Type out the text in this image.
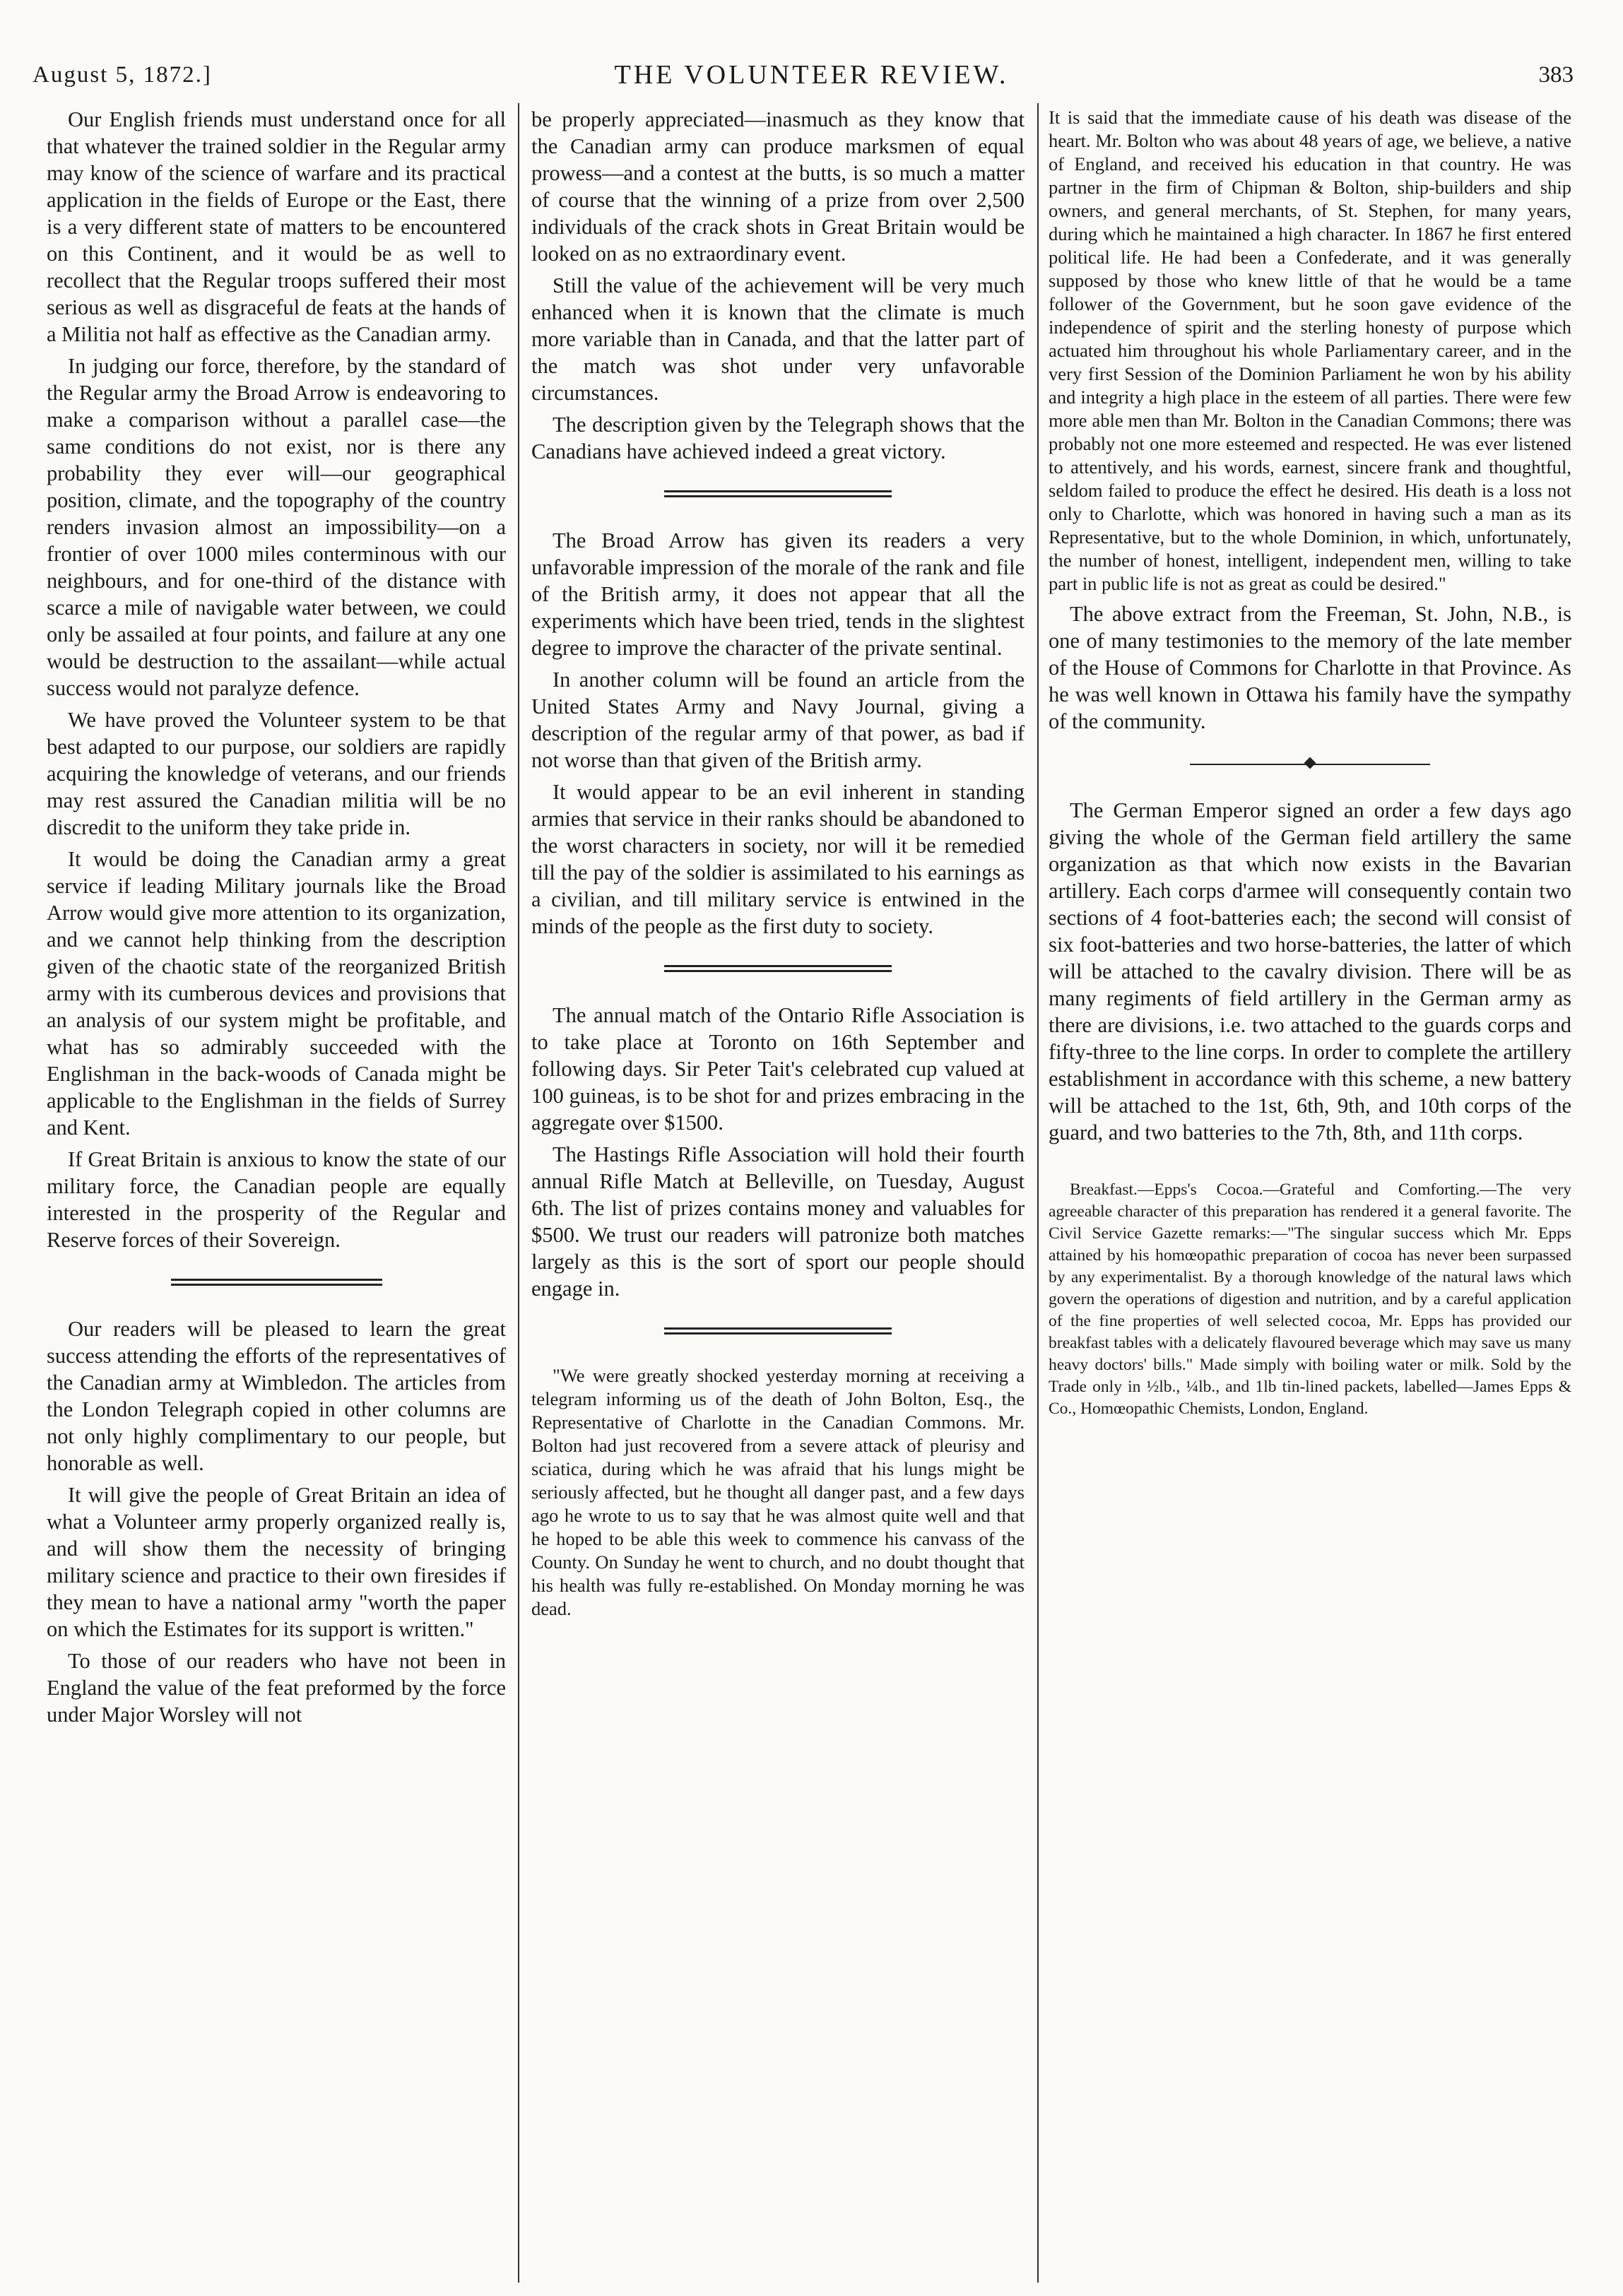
August 5, 1872.]	THE VOLUNTEER REVIEW.	383

Our English friends must understand once for all that whatever the trained soldier in the Regular army may know of the science of warfare and its practical application in the fields of Europe or the East, there is a very different state of matters to be encountered on this Continent, and it would be as well to recollect that the Regular troops suffered their most serious as well as disgraceful de feats at the hands of a Militia not half as effective as the Canadian army.

In judging our force, therefore, by the standard of the Regular army the Broad Arrow is endeavoring to make a comparison without a parallel case—the same conditions do not exist, nor is there any probability they ever will—our geographical position, climate, and the topography of the country renders invasion almost an impossibility—on a frontier of over 1000 miles conterminous with our neighbours, and for one-third of the distance with scarce a mile of navigable water between, we could only be assailed at four points, and failure at any one would be destruction to the assailant—while actual success would not paralyze defence.

We have proved the Volunteer system to be that best adapted to our purpose, our soldiers are rapidly acquiring the knowledge of veterans, and our friends may rest assured the Canadian militia will be no discredit to the uniform they take pride in.

It would be doing the Canadian army a great service if leading Military journals like the Broad Arrow would give more attention to its organization, and we cannot help thinking from the description given of the chaotic state of the reorganized British army with its cumberous devices and provisions that an analysis of our system might be profitable, and what has so admirably succeeded with the Englishman in the back-woods of Canada might be applicable to the Englishman in the fields of Surrey and Kent.

If Great Britain is anxious to know the state of our military force, the Canadian people are equally interested in the prosperity of the Regular and Reserve forces of their Sovereign.

Our readers will be pleased to learn the great success attending the efforts of the representatives of the Canadian army at Wimbledon. The articles from the London Telegraph copied in other columns are not only highly complimentary to our people, but honorable as well.

It will give the people of Great Britain an idea of what a Volunteer army properly organized really is, and will show them the necessity of bringing military science and practice to their own firesides if they mean to have a national army "worth the paper on which the Estimates for its support is written."

To those of our readers who have not been in England the value of the feat preformed by the force under Major Worsley will not

be properly appreciated—inasmuch as they know that the Canadian army can produce marksmen of equal prowess—and a contest at the butts, is so much a matter of course that the winning of a prize from over 2,500 individuals of the crack shots in Great Britain would be looked on as no extraordinary event.

Still the value of the achievement will be very much enhanced when it is known that the climate is much more variable than in Canada, and that the latter part of the match was shot under very unfavorable circumstances.

The description given by the Telegraph shows that the Canadians have achieved indeed a great victory.

The Broad Arrow has given its readers a very unfavorable impression of the morale of the rank and file of the British army, it does not appear that all the experiments which have been tried, tends in the slightest degree to improve the character of the private sentinal.

In another column will be found an article from the United States Army and Navy Journal, giving a description of the regular army of that power, as bad if not worse than that given of the British army.

It would appear to be an evil inherent in standing armies that service in their ranks should be abandoned to the worst characters in society, nor will it be remedied till the pay of the soldier is assimilated to his earnings as a civilian, and till military service is entwined in the minds of the people as the first duty to society.

The annual match of the Ontario Rifle Association is to take place at Toronto on 16th September and following days. Sir Peter Tait's celebrated cup valued at 100 guineas, is to be shot for and prizes embracing in the aggregate over $1500.

The Hastings Rifle Association will hold their fourth annual Rifle Match at Belleville, on Tuesday, August 6th. The list of prizes contains money and valuables for $500. We trust our readers will patronize both matches largely as this is the sort of sport our people should engage in.

"We were greatly shocked yesterday morning at receiving a telegram informing us of the death of John Bolton, Esq., the Representative of Charlotte in the Canadian Commons. Mr. Bolton had just recovered from a severe attack of pleurisy and sciatica, during which he was afraid that his lungs might be seriously affected, but he thought all danger past, and a few days ago he wrote to us to say that he was almost quite well and that he hoped to be able this week to commence his canvass of the County. On Sunday he went to church, and no doubt thought that his health was fully re-established. On Monday morning he was dead.

It is said that the immediate cause of his death was disease of the heart. Mr. Bolton who was about 48 years of age, we believe, a native of England, and received his education in that country. He was partner in the firm of Chipman & Bolton, ship-builders and ship owners, and general merchants, of St. Stephen, for many years, during which he maintained a high character. In 1867 he first entered political life. He had been a Confederate, and it was generally supposed by those who knew little of that he would be a tame follower of the Government, but he soon gave evidence of the independence of spirit and the sterling honesty of purpose which actuated him throughout his whole Parliamentary career, and in the very first Session of the Dominion Parliament he won by his ability and integrity a high place in the esteem of all parties. There were few more able men than Mr. Bolton in the Canadian Commons; there was probably not one more esteemed and respected. He was ever listened to attentively, and his words, earnest, sincere frank and thoughtful, seldom failed to produce the effect he desired. His death is a loss not only to Charlotte, which was honored in having such a man as its Representative, but to the whole Dominion, in which, unfortunately, the number of honest, intelligent, independent men, willing to take part in public life is not as great as could be desired."

The above extract from the Freeman, St. John, N.B., is one of many testimonies to the memory of the late member of the House of Commons for Charlotte in that Province. As he was well known in Ottawa his family have the sympathy of the community.

The German Emperor signed an order a few days ago giving the whole of the German field artillery the same organization as that which now exists in the Bavarian artillery. Each corps d'armee will consequently contain two sections of 4 foot-batteries each; the second will consist of six foot-batteries and two horse-batteries, the latter of which will be attached to the cavalry division. There will be as many regiments of field artillery in the German army as there are divisions, i.e. two attached to the guards corps and fifty-three to the line corps. In order to complete the artillery establishment in accordance with this scheme, a new battery will be attached to the 1st, 6th, 9th, and 10th corps of the guard, and two batteries to the 7th, 8th, and 11th corps.

Breakfast.—Epps's Cocoa.—Grateful and Comforting.—The very agreeable character of this preparation has rendered it a general favorite. The Civil Service Gazette remarks:—"The singular success which Mr. Epps attained by his homœopathic preparation of cocoa has never been surpassed by any experimentalist. By a thorough knowledge of the natural laws which govern the operations of digestion and nutrition, and by a careful application of the fine properties of well selected cocoa, Mr. Epps has provided our breakfast tables with a delicately flavoured beverage which may save us many heavy doctors' bills." Made simply with boiling water or milk. Sold by the Trade only in ½lb., ¼lb., and 1lb tin-lined packets, labelled—James Epps & Co., Homœopathic Chemists, London, England.
